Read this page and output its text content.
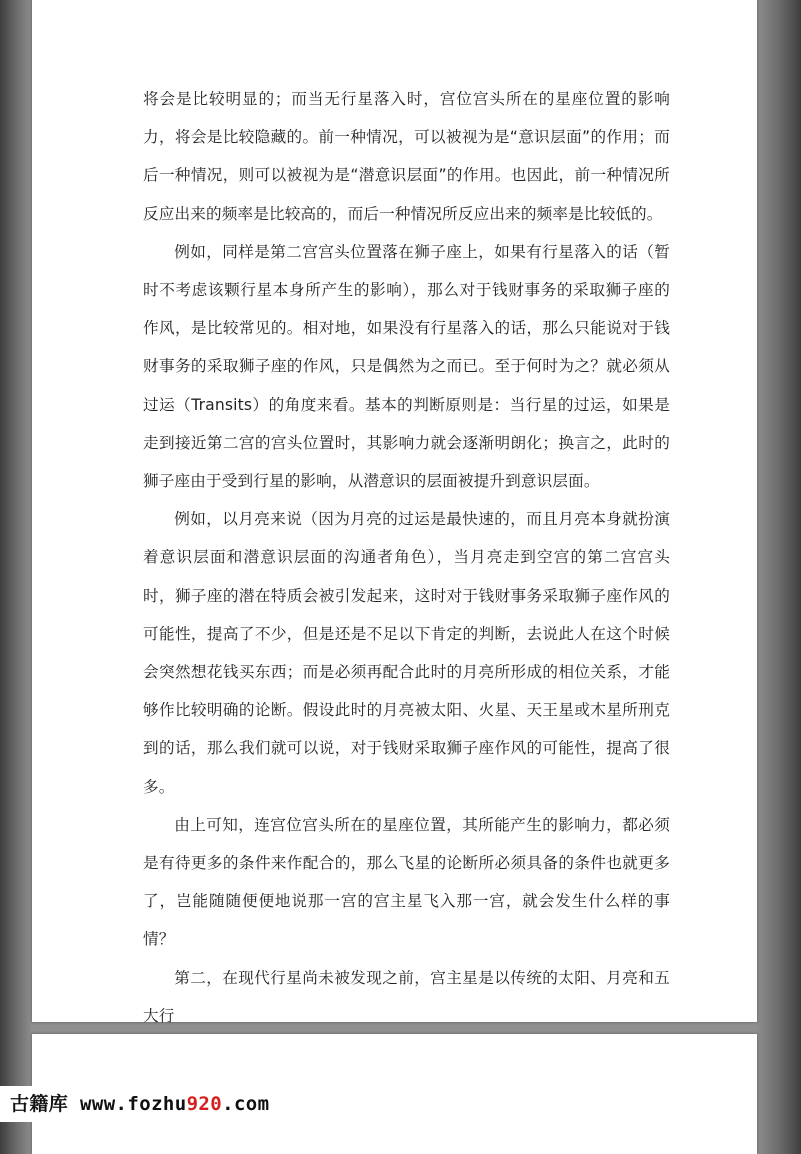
将会是比较明显的；而当无行星落入时，宫位宫头所在的星座位置的影响力，将会是比较隐藏的。前一种情况，可以被视为是“意识层面”的作用；而后一种情况，则可以被视为是“潜意识层面”的作用。也因此，前一种情况所反应出来的频率是比较高的，而后一种情况所反应出来的频率是比较低的。

例如，同样是第二宫宫头位置落在狮子座上，如果有行星落入的话（暂时不考虑该颗行星本身所产生的影响），那么对于钱财事务的采取狮子座的作风，是比较常见的。相对地，如果没有行星落入的话，那么只能说对于钱财事务的采取狮子座的作风，只是偶然为之而已。至于何时为之？就必须从过运（Transits）的角度来看。基本的判断原则是：当行星的过运，如果是走到接近第二宫的宫头位置时，其影响力就会逐渐明朗化；换言之，此时的狮子座由于受到行星的影响，从潜意识的层面被提升到意识层面。

例如，以月亮来说（因为月亮的过运是最快速的，而且月亮本身就扮演着意识层面和潜意识层面的沟通者角色），当月亮走到空宫的第二宫宫头时，狮子座的潜在特质会被引发起来，这时对于钱财事务采取狮子座作风的可能性，提高了不少，但是还是不足以下肯定的判断，去说此人在这个时候会突然想花钱买东西；而是必须再配合此时的月亮所形成的相位关系，才能够作比较明确的论断。假设此时的月亮被太阳、火星、天王星或木星所刑克到的话，那么我们就可以说，对于钱财采取狮子座作风的可能性，提高了很多。

由上可知，连宫位宫头所在的星座位置，其所能产生的影响力，都必须是有待更多的条件来作配合的，那么飞星的论断所必须具备的条件也就更多了，岂能随随便便地说那一宫的宫主星飞入那一宫，就会发生什么样的事情？

第二，在现代行星尚未被发现之前，宫主星是以传统的太阳、月亮和五大行

古籍库 www.fozhu920.com
